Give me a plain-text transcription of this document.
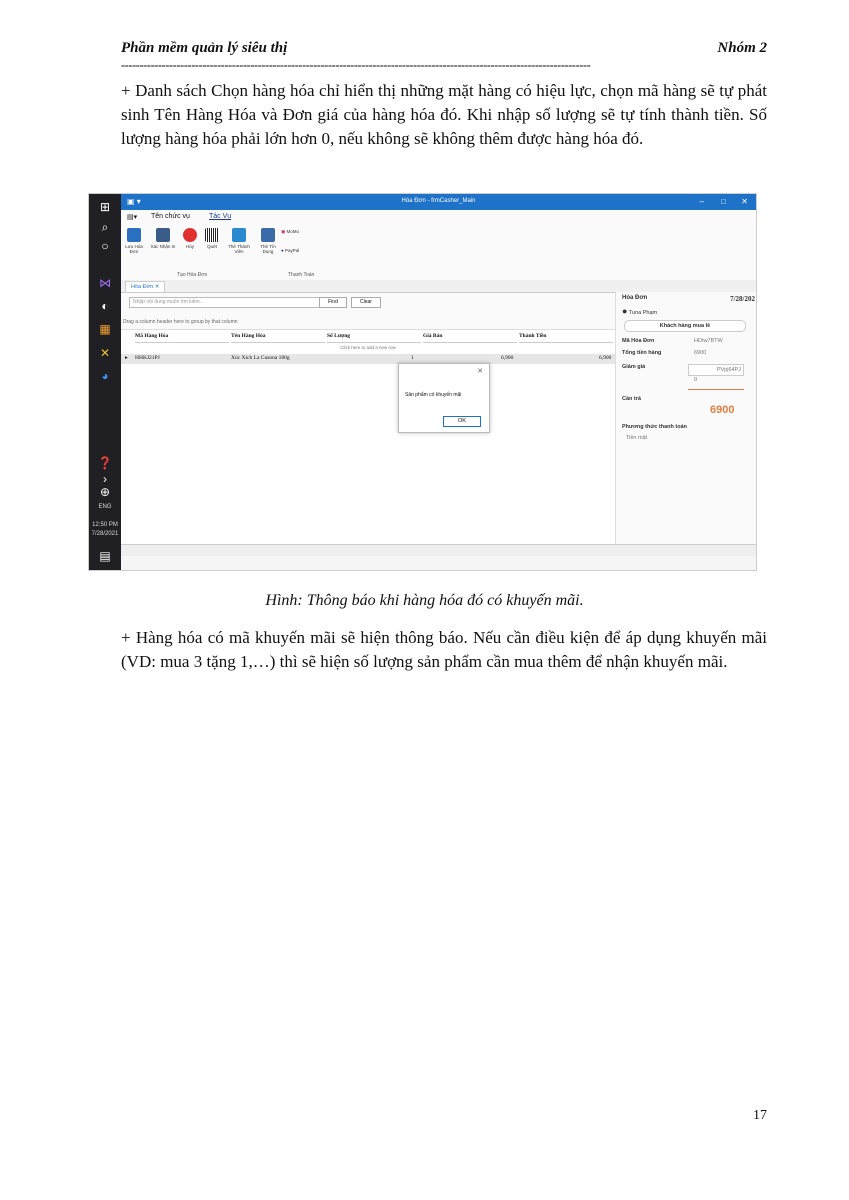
Phần mềm quản lý siêu thị	Nhóm 2
-------------------------------------------------------------------------------------------------------------------------------
+ Danh sách Chọn hàng hóa chỉ hiển thị những mặt hàng có hiệu lực, chọn mã hàng sẽ tự phát sinh Tên Hàng Hóa và Đơn giá của hàng hóa đó. Khi nhập số lượng sẽ tự tính thành tiền. Số lượng hàng hóa phải lớn hơn 0, nếu không sẽ không thêm được hàng hóa đó.
⊞
⌕
○
⋈
◐
▦
✕
◕
❓
›
⊕
ENG
12:50 PM
7/28/2021
▤
Hóa Đơn - frmCasher_Main
▣ ▾	– □ ✕
▤▾ Tên chức vụ	Tác Vụ
Lưu Hóa Đơn
Xác Nhận In	Hủy	Quét	Thẻ Thành Viên
Thẻ Tín Dụng
▣ MoMo
● PayPal
Tạo Hóa Đơn	Thanh Toán
Hóa Đơn ✕
Nhập nội dung muốn tìm kiếm...	Find	Clear
Drag a column header here to group by that column
Mã Hàng Hóa	Tên Hàng Hóa	Số Lượng	Giá Bán	Thành Tiền
Click here to add a new row
▸ HHKJ21PJ	Xúc Xích La Cusona 180g	1	6,900	6,900
✕
Sản phẩm có khuyến mãi
OK
Hóa Đơn	7/28/202
● Tuna Phạm
Khách hàng mua lẻ
Mã Hóa Đơn	HDtw7BTW
Tổng tiền hàng	6900
Giảm giá	PVpj64PJ
0
Cần trả
6900
Phương thức thanh toán
Tiền mặt
Hình: Thông báo khi hàng hóa đó có khuyến mãi.
+ Hàng hóa có mã khuyến mãi sẽ hiện thông báo. Nếu cần điều kiện để áp dụng khuyến mãi (VD: mua 3 tặng 1,…) thì sẽ hiện số lượng sản phẩm cần mua thêm để nhận khuyến mãi.
17
